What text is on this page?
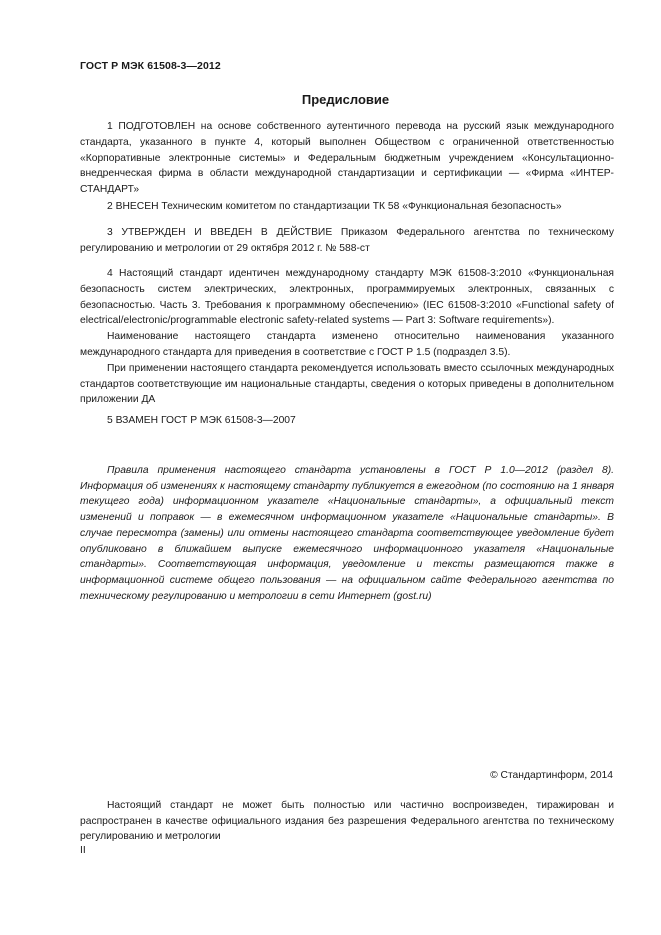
ГОСТ Р МЭК 61508-3—2012
Предисловие

1 ПОДГОТОВЛЕН на основе собственного аутентичного перевода на русский язык международного стандарта, указанного в пункте 4, который выполнен Обществом с ограниченной ответственностью «Корпоративные электронные системы» и Федеральным бюджетным учреждением «Консультационно-внедренческая фирма в области международной стандартизации и сертификации — «Фирма «ИНТЕР-СТАНДАРТ»

2 ВНЕСЕН Техническим комитетом по стандартизации ТК 58 «Функциональная безопасность»

3 УТВЕРЖДЕН И ВВЕДЕН В ДЕЙСТВИЕ Приказом Федерального агентства по техническому регулированию и метрологии от 29 октября 2012 г. № 588-ст

4 Настоящий стандарт идентичен международному стандарту МЭК 61508-3:2010 «Функциональная безопасность систем электрических, электронных, программируемых электронных, связанных с безопасностью. Часть 3. Требования к программному обеспечению» (IEC 61508-3:2010 «Functional safety of electrical/electronic/programmable electronic safety-related systems — Part 3: Software requirements»).

Наименование настоящего стандарта изменено относительно наименования указанного международного стандарта для приведения в соответствие с ГОСТ Р 1.5 (подраздел 3.5).

При применении настоящего стандарта рекомендуется использовать вместо ссылочных международных стандартов соответствующие им национальные стандарты, сведения о которых приведены в дополнительном приложении ДА

5 ВЗАМЕН ГОСТ Р МЭК 61508-3—2007

Правила применения настоящего стандарта установлены в ГОСТ Р 1.0—2012 (раздел 8). Информация об изменениях к настоящему стандарту публикуется в ежегодном (по состоянию на 1 января текущего года) информационном указателе «Национальные стандарты», а официальный текст изменений и поправок — в ежемесячном информационном указателе «Национальные стандарты». В случае пересмотра (замены) или отмены настоящего стандарта соответствующее уведомление будет опубликовано в ближайшем выпуске ежемесячного информационного указателя «Национальные стандарты». Соответствующая информация, уведомление и тексты размещаются также в информационной системе общего пользования — на официальном сайте Федерального агентства по техническому регулированию и метрологии в сети Интернет (gost.ru)

© Стандартинформ, 2014

Настоящий стандарт не может быть полностью или частично воспроизведен, тиражирован и распространен в качестве официального издания без разрешения Федерального агентства по техническому регулированию и метрологии

II
